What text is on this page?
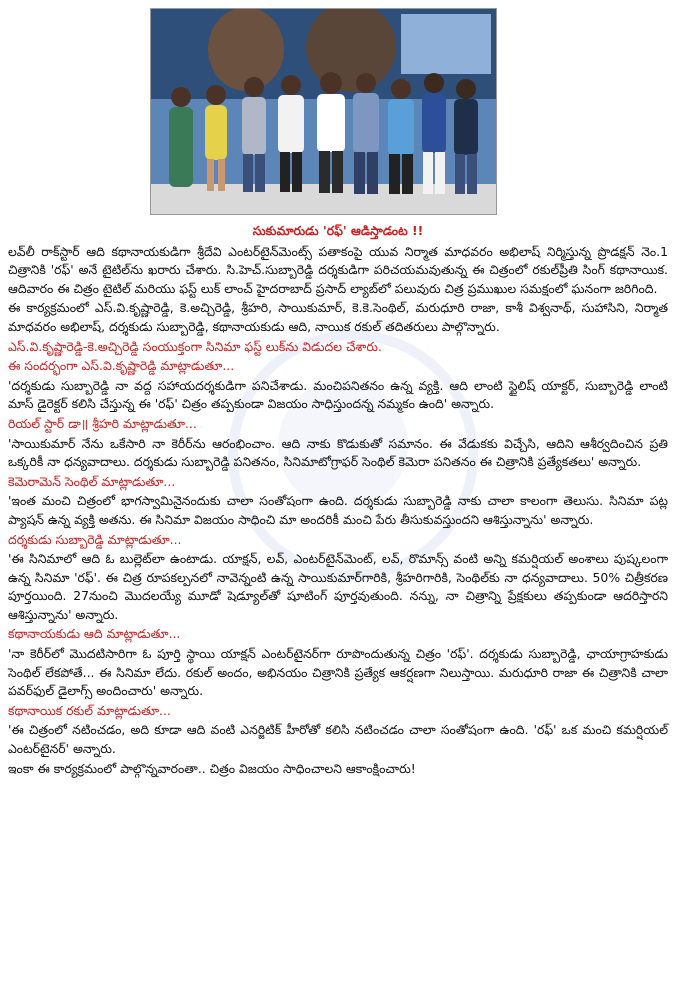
సుకుమారుడు 'రఫ్' ఆడిస్తాడంట !!

లవ్‌లీ రాక్‌స్టార్ ఆది కథానాయకుడిగా శ్రీదేవి ఎంటర్‌టైన్‌మెంట్స్ పతాకంపై యువ నిర్మాత మాధవరం అభిలాష్ నిర్మిస్తున్న ప్రొడక్షన్ నెం.1 చిత్రానికి 'రఫ్' అనే టైటిల్‌ను ఖరారు చేశారు. సి.హెచ్.సుబ్బారెడ్డి దర్శకుడిగా పరిచయమవుతున్న ఈ చిత్రంలో రకుల్‌ప్రీతి సింగ్ కథానాయిక. ఆదివారం ఈ చిత్రం టైటిల్ మరియు ఫస్ట్ లుక్ లాంచ్ హైదరాబాద్ ప్రసాద్ ల్యాబ్‌లో పలువురు చిత్ర ప్రముఖుల సమక్షంలో ఘనంగా జరిగింది.

ఈ కార్యక్రమంలో ఎస్.వి.కృష్ణారెడ్డి, కె.అచ్చిరెడ్డి, శ్రీహరి, సాయికుమార్, కె.కె.సెంథిల్, మరుధూరి రాజా, కాశీ విశ్వనాథ్, సుహాసిని, నిర్మాత మాధవరం అభిలాష్, దర్శకుడు సుబ్బారెడ్డి, కథానాయకుడు ఆది, నాయిక రకుల్ తదితరులు పాల్గొన్నారు.

ఎస్.వి.కృష్ణారెడ్డి-కె.అచ్చిరెడ్డి సంయుక్తంగా సినిమా ఫస్ట్ లుక్‌ను విడుదల చేశారు.

ఈ సందర్భంగా ఎస్.వి.కృష్ణారెడ్డి మాట్లాడుతూ...

'దర్శకుడు సుబ్బారెడ్డి నా వద్ద సహాయదర్శకుడిగా పనిచేశాడు. మంచిపనితనం ఉన్న వ్యక్తి. ఆది లాంటి స్టైలిష్ యాక్టర్, సుబ్బారెడ్డి లాంటి మాస్ డైరెక్టర్ కలిసి చేస్తున్న ఈ 'రఫ్' చిత్రం తప్పకుండా విజయం సాధిస్తుందన్న నమ్మకం ఉంది' అన్నారు.

రియల్ స్టార్ డా॥ శ్రీహరి మాట్లాడుతూ...

'సాయికుమార్ నేను ఒకేసారి నా కెరీర్‌ను ఆరంభించాం. ఆది నాకు కొడుకుతో సమానం. ఈ వేడుకకు విచ్చేసి, ఆదిని ఆశీర్వదించిన ప్రతి ఒక్కరికీ నా ధన్యవాదాలు. దర్శకుడు సుబ్బారెడ్డి పనితనం, సినిమాటోగ్రాఫర్ సెంథిల్ కెమెరా పనితనం ఈ చిత్రానికి ప్రత్యేకతలు' అన్నారు.

కెమెరామెన్ సెంథిల్ మాట్లాడుతూ...

'ఇంత మంచి చిత్రంలో భాగస్వామినైనందుకు చాలా సంతోషంగా ఉంది. దర్శకుడు సుబ్బారెడ్డి నాకు చాలా కాలంగా తెలుసు. సినిమా పట్ల ప్యాషన్ ఉన్న వ్యక్తి అతను. ఈ సినిమా విజయం సాధించి మా అందరికీ మంచి పేరు తీసుకువస్తుందని ఆశిస్తున్నాను' అన్నారు.

దర్శకుడు సుబ్బారెడ్డి మాట్లాడుతూ...

'ఈ సినిమాలో ఆది ఓ బుల్లెట్‌లా ఉంటాడు. యాక్షన్, లవ్, ఎంటర్‌టైన్‌మెంట్, లవ్, రొమాన్స్ వంటి అన్ని కమర్షియల్ అంశాలు పుష్కలంగా ఉన్న సినిమా 'రఫ్'. ఈ చిత్ర రూపకల్పనలో నావెన్నంటి ఉన్న సాయికుమార్‌గారికి, శ్రీహరిగారికి, సెంథిల్‌కు నా ధన్యవాదాలు. 50% చిత్రీకరణ పూర్తయింది. 27నుంచి మొదలయ్యే మూడో షెడ్యూల్‌తో షూటింగ్ పూర్తవుతుంది. నన్ను, నా చిత్రాన్ని ప్రేక్షకులు తప్పకుండా ఆదరిస్తారని ఆశిస్తున్నాను' అన్నారు.

కథానాయకుడు ఆది మాట్లాడుతూ...

'నా కెరీర్‌లో మొదటిసారిగా ఓ పూర్తి స్థాయి యాక్షన్ ఎంటర్‌టైనర్‌గా రూపొందుతున్న చిత్రం 'రఫ్'. దర్శకుడు సుబ్బారెడ్డి, ఛాయాగ్రాహకుడు సెంథిల్ లేకపోతే... ఈ సినిమా లేదు. రకుల్ అందం, అభినయం చిత్రానికి ప్రత్యేక ఆకర్షణగా నిలుస్తాయి. మరుధూరి రాజా ఈ చిత్రానికి చాలా పవర్‌ఫుల్ డైలాగ్స్ అందించారు' అన్నారు.

కథానాయిక రకుల్ మాట్లాడుతూ...

'ఈ చిత్రంలో నటించడం, అది కూడా ఆది వంటి ఎనర్జిటిక్ హీరోతో కలిసి నటించడం చాలా సంతోషంగా ఉంది. 'రఫ్' ఒక మంచి కమర్షియల్ ఎంటర్‌టైనర్' అన్నారు.

ఇంకా ఈ కార్యక్రమంలో పాల్గొన్నవారంతా.. చిత్రం విజయం సాధించాలని ఆకాంక్షించారు!
